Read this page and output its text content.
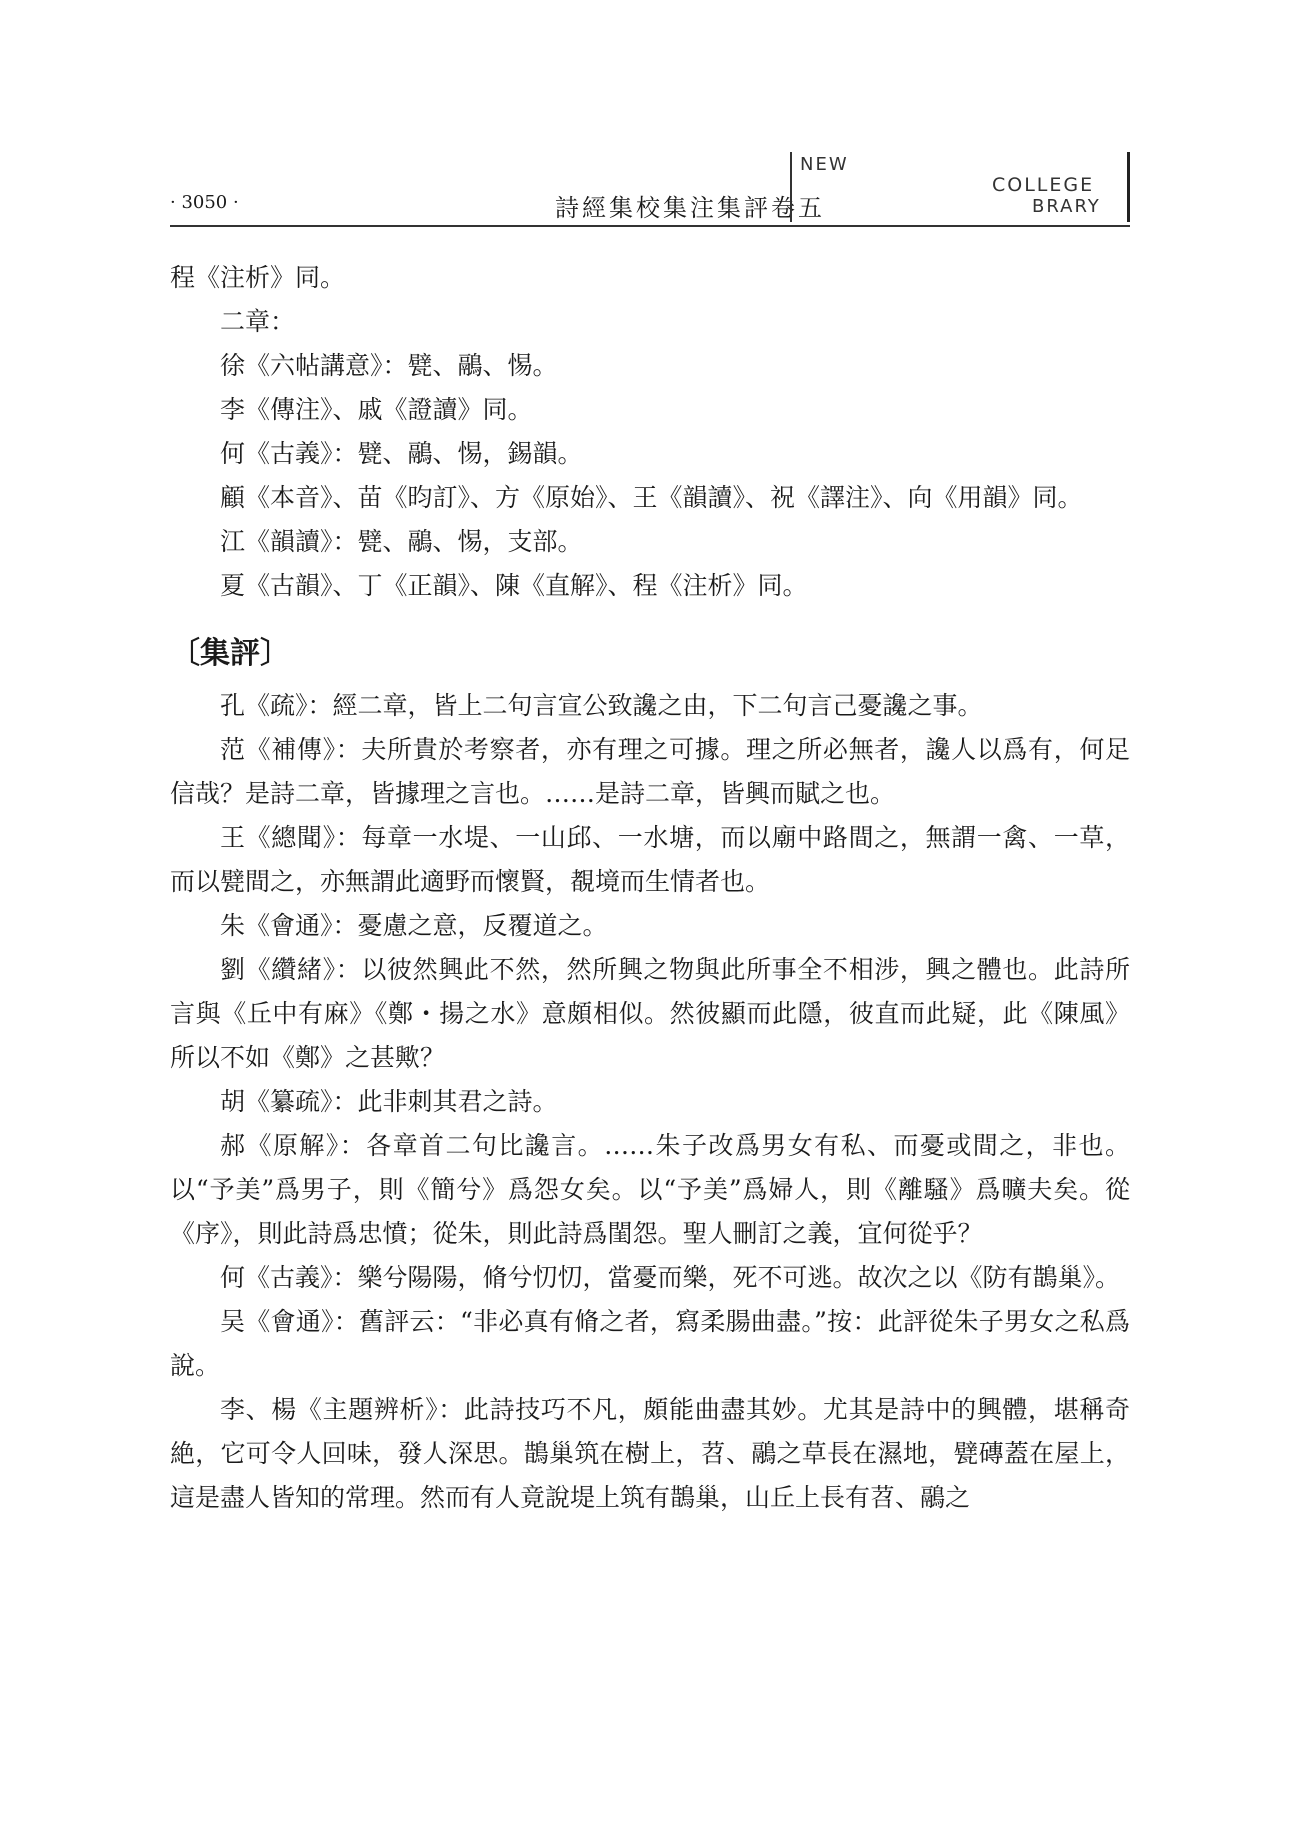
· 3050 ·	詩經集校集注集評卷五
NEW
COLLEGE
BRARY

程《注析》同。

二章：

徐《六帖講意》：甓、鷊、惕。

李《傳注》、戚《證讀》同。

何《古義》：甓、鷊、惕，錫韻。

顧《本音》、苗《昀訂》、方《原始》、王《韻讀》、祝《譯注》、向《用韻》同。

江《韻讀》：甓、鷊、惕，支部。

夏《古韻》、丁《正韻》、陳《直解》、程《注析》同。

〔集評〕

孔《疏》：經二章，皆上二句言宣公致讒之由，下二句言己憂讒之事。

范《補傳》：夫所貴於考察者，亦有理之可據。理之所必無者，讒人以爲有，何足信哉？是詩二章，皆據理之言也。……是詩二章，皆興而賦之也。

王《總聞》：每章一水堤、一山邱、一水塘，而以廟中路間之，無謂一禽、一草，而以甓間之，亦無謂此適野而懷賢，覩境而生情者也。

朱《會通》：憂慮之意，反覆道之。

劉《纘緒》：以彼然興此不然，然所興之物與此所事全不相涉，興之體也。此詩所言與《丘中有麻》《鄭・揚之水》意頗相似。然彼顯而此隱，彼直而此疑，此《陳風》所以不如《鄭》之甚歟？

胡《纂疏》：此非刺其君之詩。

郝《原解》：各章首二句比讒言。……朱子改爲男女有私、而憂或間之，非也。以“予美”爲男子，則《簡兮》爲怨女矣。以“予美”爲婦人，則《離騷》爲曠夫矣。從《序》，則此詩爲忠憤；從朱，則此詩爲閨怨。聖人刪訂之義，宜何從乎？

何《古義》：樂兮陽陽，脩兮忉忉，當憂而樂，死不可逃。故次之以《防有鵲巢》。

吴《會通》：舊評云：“非必真有脩之者，寫柔腸曲盡。”按：此評從朱子男女之私爲說。

李、楊《主題辨析》：此詩技巧不凡，頗能曲盡其妙。尤其是詩中的興體，堪稱奇絶，它可令人回味，發人深思。鵲巢筑在樹上，苕、鷊之草長在濕地，甓磚蓋在屋上，這是盡人皆知的常理。然而有人竟說堤上筑有鵲巢，山丘上長有苕、鷊之
